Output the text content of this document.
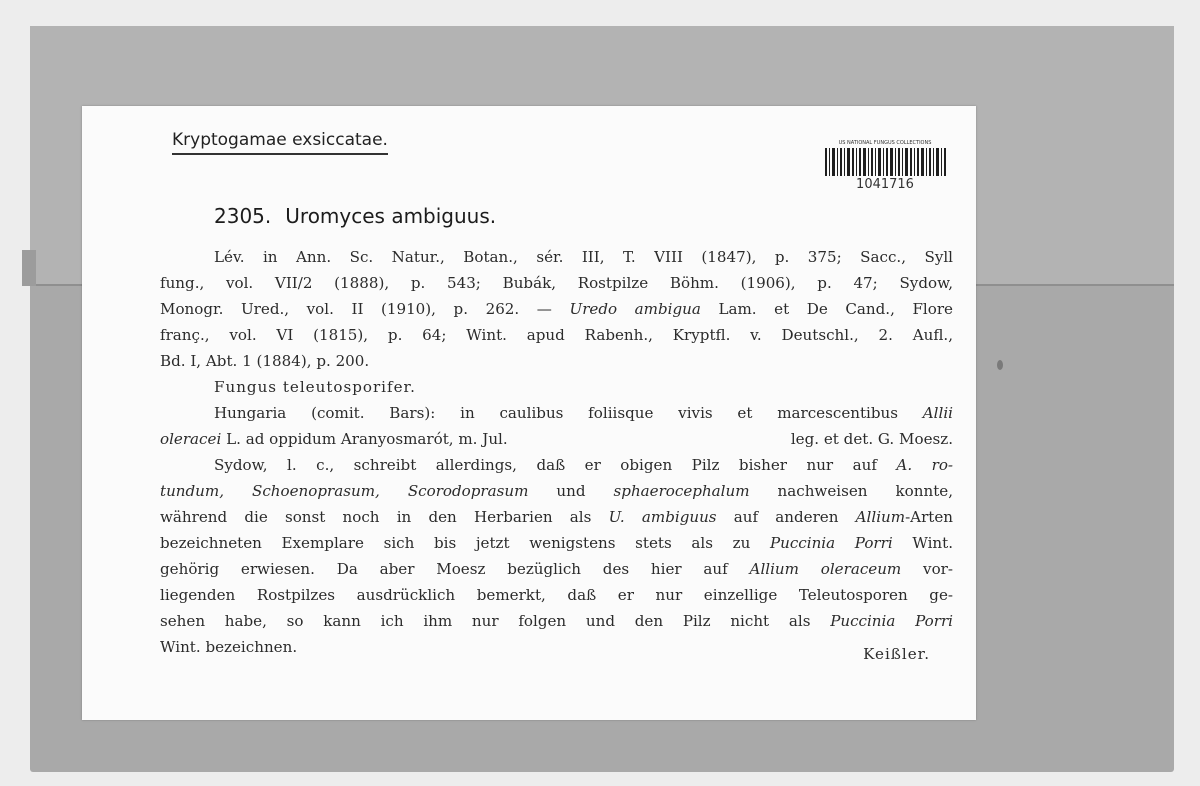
Kryptogamae exsiccatae.	US NATIONAL FUNGUS COLLECTIONS
1041716
2305. Uromyces ambiguus.
Lév. in Ann. Sc. Natur., Botan., sér. III, T. VIII (1847), p. 375; Sacc., Syll
fung., vol. VII/2 (1888), p. 543; Bubák, Rostpilze Böhm. (1906), p. 47; Sydow,
Monogr. Ured., vol. II (1910), p. 262. — Uredo ambigua Lam. et De Cand., Flore
franç., vol. VI (1815), p. 64; Wint. apud Rabenh., Kryptfl. v. Deutschl., 2. Aufl.,
Bd. I, Abt. 1 (1884), p. 200.
Fungus teleutosporifer.
Hungaria (comit. Bars): in caulibus foliisque vivis et marcescentibus Allii
oleracei L. ad oppidum Aranyosmarót, m. Jul.	leg. et det. G. Moesz.
Sydow, l. c., schreibt allerdings, daß er obigen Pilz bisher nur auf A. ro-
tundum, Schoenoprasum, Scorodoprasum und sphaerocephalum nachweisen konnte,
während die sonst noch in den Herbarien als U. ambiguus auf anderen Allium-Arten
bezeichneten Exemplare sich bis jetzt wenigstens stets als zu Puccinia Porri Wint.
gehörig erwiesen. Da aber Moesz bezüglich des hier auf Allium oleraceum vor-
liegenden Rostpilzes ausdrücklich bemerkt, daß er nur einzellige Teleutosporen ge-
sehen habe, so kann ich ihm nur folgen und den Pilz nicht als Puccinia Porri
Wint. bezeichnen.	Keißler.
